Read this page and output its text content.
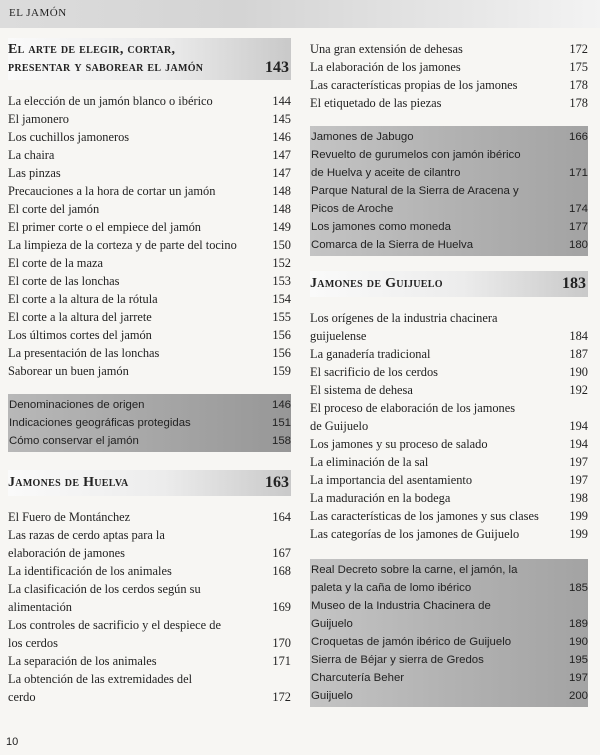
EL JAMÓN
El arte de elegir, cortar,
presentar y saborear el jamón	143
La elección de un jamón blanco o ibérico	144
El jamonero	145
Los cuchillos jamoneros	146
La chaira	147
Las pinzas	147
Precauciones a la hora de cortar un jamón	148
El corte del jamón	148
El primer corte o el empiece del jamón	149
La limpieza de la corteza y de parte del tocino	150
El corte de la maza	152
El corte de las lonchas	153
El corte a la altura de la rótula	154
El corte a la altura del jarrete	155
Los últimos cortes del jamón	156
La presentación de las lonchas	156
Saborear un buen jamón	159
Denominaciones de origen	146
Indicaciones geográficas protegidas	151
Cómo conservar el jamón	158
Jamones de Huelva	163
El Fuero de Montánchez	164
Las razas de cerdo aptas para la
elaboración de jamones	167
La identificación de los animales	168
La clasificación de los cerdos según su
alimentación	169
Los controles de sacrificio y el despiece de
los cerdos	170
La separación de los animales	171
La obtención de las extremidades del
cerdo	172
Una gran extensión de dehesas	172
La elaboración de los jamones	175
Las características propias de los jamones	178
El etiquetado de las piezas	178
Jamones de Jabugo	166
Revuelto de gurumelos con jamón ibérico
de Huelva y aceite de cilantro	171
Parque Natural de la Sierra de Aracena y
Picos de Aroche	174
Los jamones como moneda	177
Comarca de la Sierra de Huelva	180
Jamones de Guijuelo	183
Los orígenes de la industria chacinera
guijuelense	184
La ganadería tradicional	187
El sacrificio de los cerdos	190
El sistema de dehesa	192
El proceso de elaboración de los jamones
de Guijuelo	194
Los jamones y su proceso de salado	194
La eliminación de la sal	197
La importancia del asentamiento	197
La maduración en la bodega	198
Las características de los jamones y sus clases	199
Las categorías de los jamones de Guijuelo	199
Real Decreto sobre la carne, el jamón, la
paleta y la caña de lomo ibérico	185
Museo de la Industria Chacinera de
Guijuelo	189
Croquetas de jamón ibérico de Guijuelo	190
Sierra de Béjar y sierra de Gredos	195
Charcutería Beher	197
Guijuelo	200
10
